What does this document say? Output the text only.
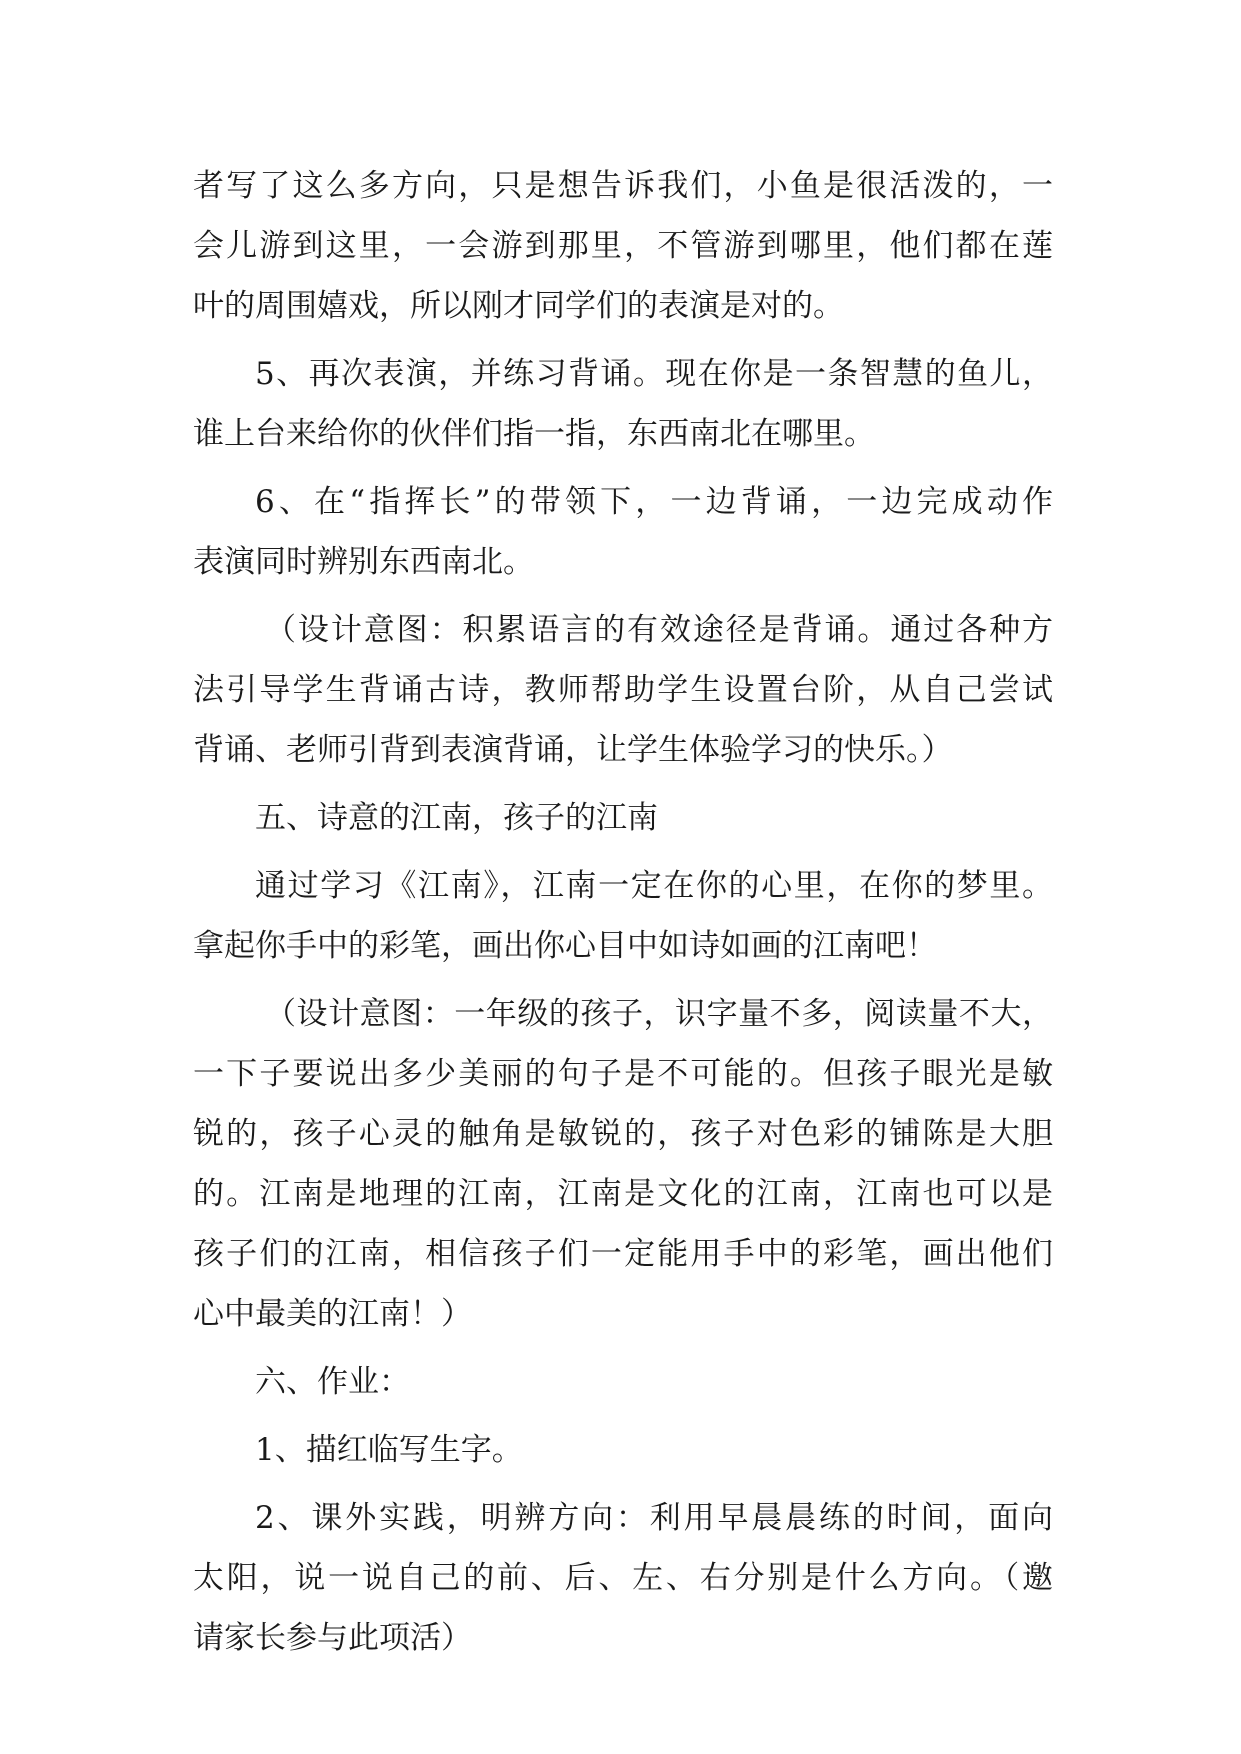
者写了这么多方向，只是想告诉我们，小鱼是很活泼的，一
会儿游到这里，一会游到那里，不管游到哪里，他们都在莲
叶的周围嬉戏，所以刚才同学们的表演是对的。
5、再次表演，并练习背诵。现在你是一条智慧的鱼儿，
谁上台来给你的伙伴们指一指，东西南北在哪里。
6、在“指挥长”的带领下，一边背诵，一边完成动作
表演同时辨别东西南北。
（设计意图：积累语言的有效途径是背诵。通过各种方
法引导学生背诵古诗，教师帮助学生设置台阶，从自己尝试
背诵、老师引背到表演背诵，让学生体验学习的快乐。）
五、诗意的江南，孩子的江南
通过学习《江南》，江南一定在你的心里，在你的梦里。
拿起你手中的彩笔，画出你心目中如诗如画的江南吧！
（设计意图：一年级的孩子，识字量不多，阅读量不大，
一下子要说出多少美丽的句子是不可能的。但孩子眼光是敏
锐的，孩子心灵的触角是敏锐的，孩子对色彩的铺陈是大胆
的。江南是地理的江南，江南是文化的江南，江南也可以是
孩子们的江南，相信孩子们一定能用手中的彩笔，画出他们
心中最美的江南！）
六、作业：
1、描红临写生字。
2、课外实践，明辨方向：利用早晨晨练的时间，面向
太阳，说一说自己的前、后、左、右分别是什么方向。（邀
请家长参与此项活）
